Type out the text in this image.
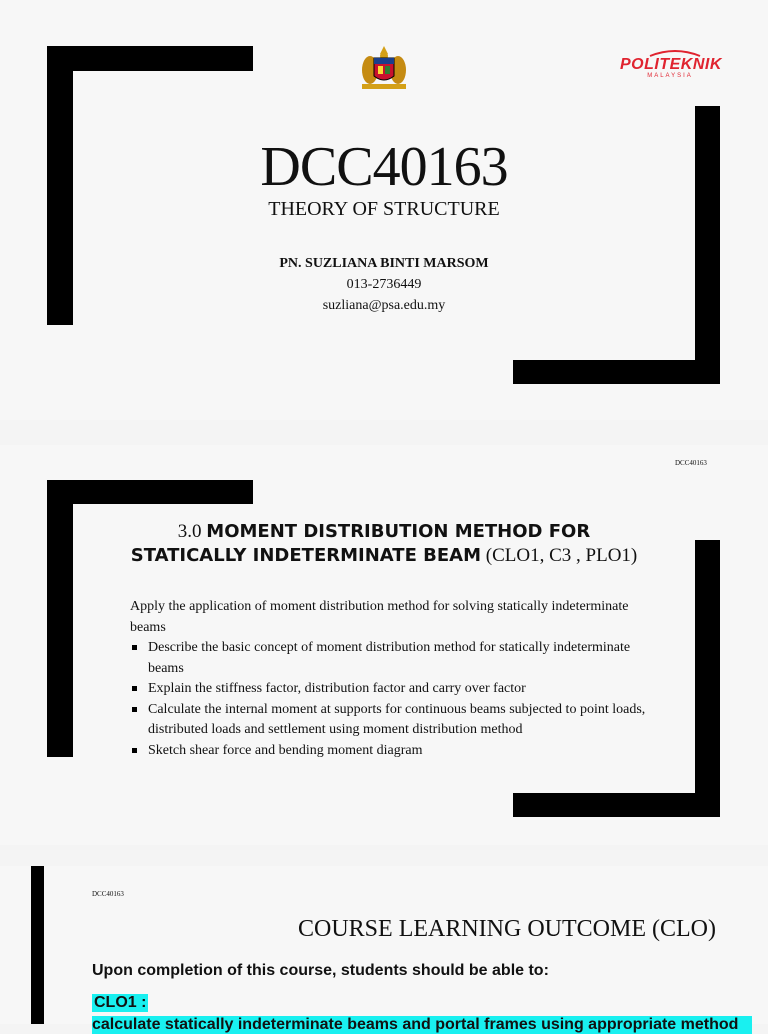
POLITEKNIK
MALAYSIA
DCC40163
THEORY OF STRUCTURE
PN. SUZLIANA BINTI MARSOM
013-2736449
suzliana@psa.edu.my
DCC40163
3.0 MOMENT DISTRIBUTION METHOD FOR STATICALLY INDETERMINATE BEAM (CLO1, C3 , PLO1)
Apply the application of moment distribution method for solving statically indeterminate beams
Describe the basic concept of moment distribution method for statically indeterminate beams
Explain the stiffness factor, distribution factor and carry over factor
Calculate the internal moment at supports for continuous beams subjected to point loads, distributed loads and settlement using moment distribution method
Sketch shear force and bending moment diagram
DCC40163
COURSE LEARNING OUTCOME (CLO)
Upon completion of this course, students should be able to:
CLO1 :
calculate statically indeterminate beams and portal frames using appropriate method
